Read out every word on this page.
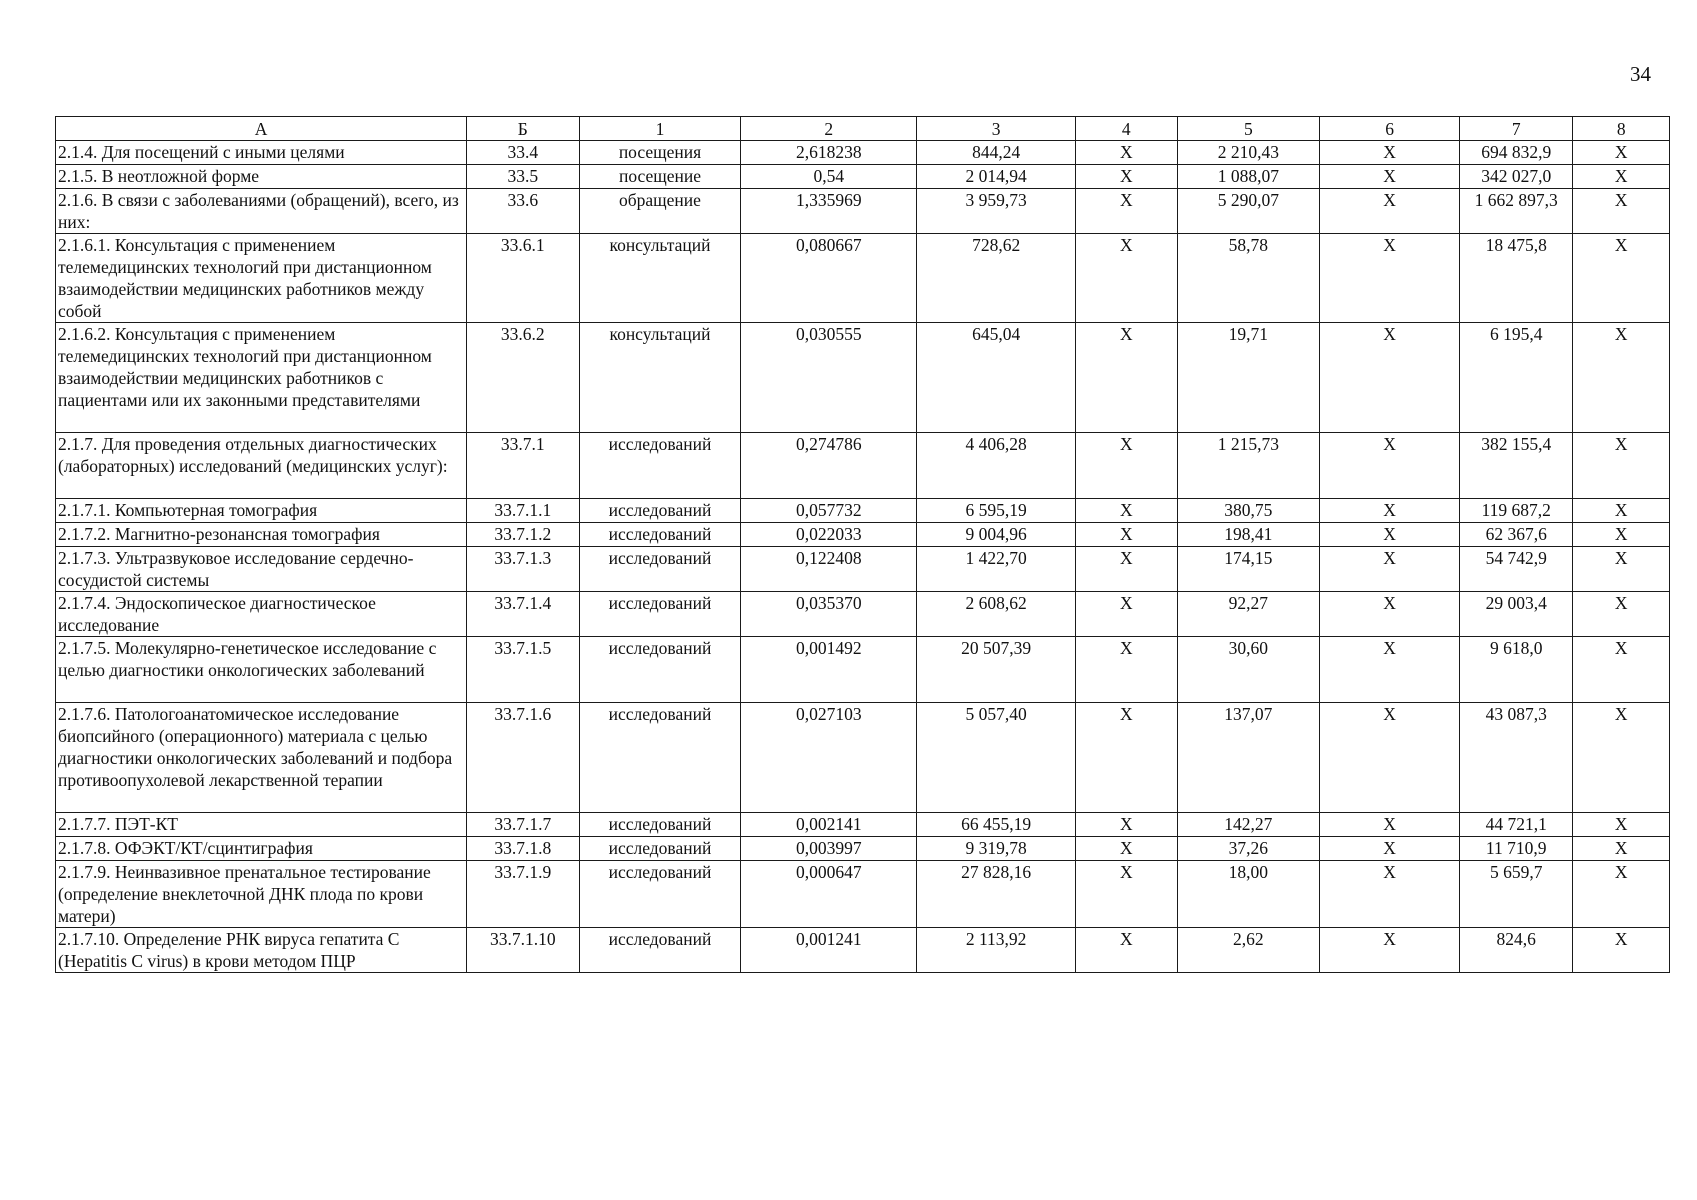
34
А	Б	1	2	3	4	5	6	7	8
2.1.4. Для посещений с иными целями	33.4	посещения	2,618238	844,24	Х	2 210,43	Х	694 832,9	Х
2.1.5. В неотложной форме	33.5	посещение	0,54	2 014,94	Х	1 088,07	Х	342 027,0	Х
2.1.6. В связи с заболеваниями (обращений), всего, из них:	33.6	обращение	1,335969	3 959,73	Х	5 290,07	Х	1 662 897,3	Х
2.1.6.1. Консультация с применением телемедицинских технологий при дистанционном взаимодействии медицинских работников между собой	33.6.1	консультаций	0,080667	728,62	Х	58,78	Х	18 475,8	Х
2.1.6.2. Консультация с применением телемедицинских технологий при дистанционном взаимодействии медицинских работников с пациентами или их законными представителями	33.6.2	консультаций	0,030555	645,04	Х	19,71	Х	6 195,4	Х
2.1.7. Для проведения отдельных диагностических (лабораторных) исследований (медицинских услуг):	33.7.1	исследований	0,274786	4 406,28	Х	1 215,73	Х	382 155,4	Х
2.1.7.1. Компьютерная томография	33.7.1.1	исследований	0,057732	6 595,19	Х	380,75	Х	119 687,2	Х
2.1.7.2. Магнитно-резонансная томография	33.7.1.2	исследований	0,022033	9 004,96	Х	198,41	Х	62 367,6	Х
2.1.7.3. Ультразвуковое исследование сердечно-сосудистой системы	33.7.1.3	исследований	0,122408	1 422,70	Х	174,15	Х	54 742,9	Х
2.1.7.4. Эндоскопическое диагностическое исследование	33.7.1.4	исследований	0,035370	2 608,62	Х	92,27	Х	29 003,4	Х
2.1.7.5. Молекулярно-генетическое исследование с целью диагностики онкологических заболеваний	33.7.1.5	исследований	0,001492	20 507,39	Х	30,60	Х	9 618,0	Х
2.1.7.6. Патологоанатомическое исследование биопсийного (операционного) материала с целью диагностики онкологических заболеваний и подбора противоопухолевой лекарственной терапии	33.7.1.6	исследований	0,027103	5 057,40	Х	137,07	Х	43 087,3	Х
2.1.7.7. ПЭТ-КТ	33.7.1.7	исследований	0,002141	66 455,19	Х	142,27	Х	44 721,1	Х
2.1.7.8. ОФЭКТ/КТ/сцинтиграфия	33.7.1.8	исследований	0,003997	9 319,78	Х	37,26	Х	11 710,9	Х
2.1.7.9. Неинвазивное пренатальное тестирование (определение внеклеточной ДНК плода по крови матери)	33.7.1.9	исследований	0,000647	27 828,16	Х	18,00	Х	5 659,7	Х
2.1.7.10. Определение РНК вируса гепатита С (Hepatitis C virus) в крови методом ПЦР	33.7.1.10	исследований	0,001241	2 113,92	Х	2,62	Х	824,6	Х
